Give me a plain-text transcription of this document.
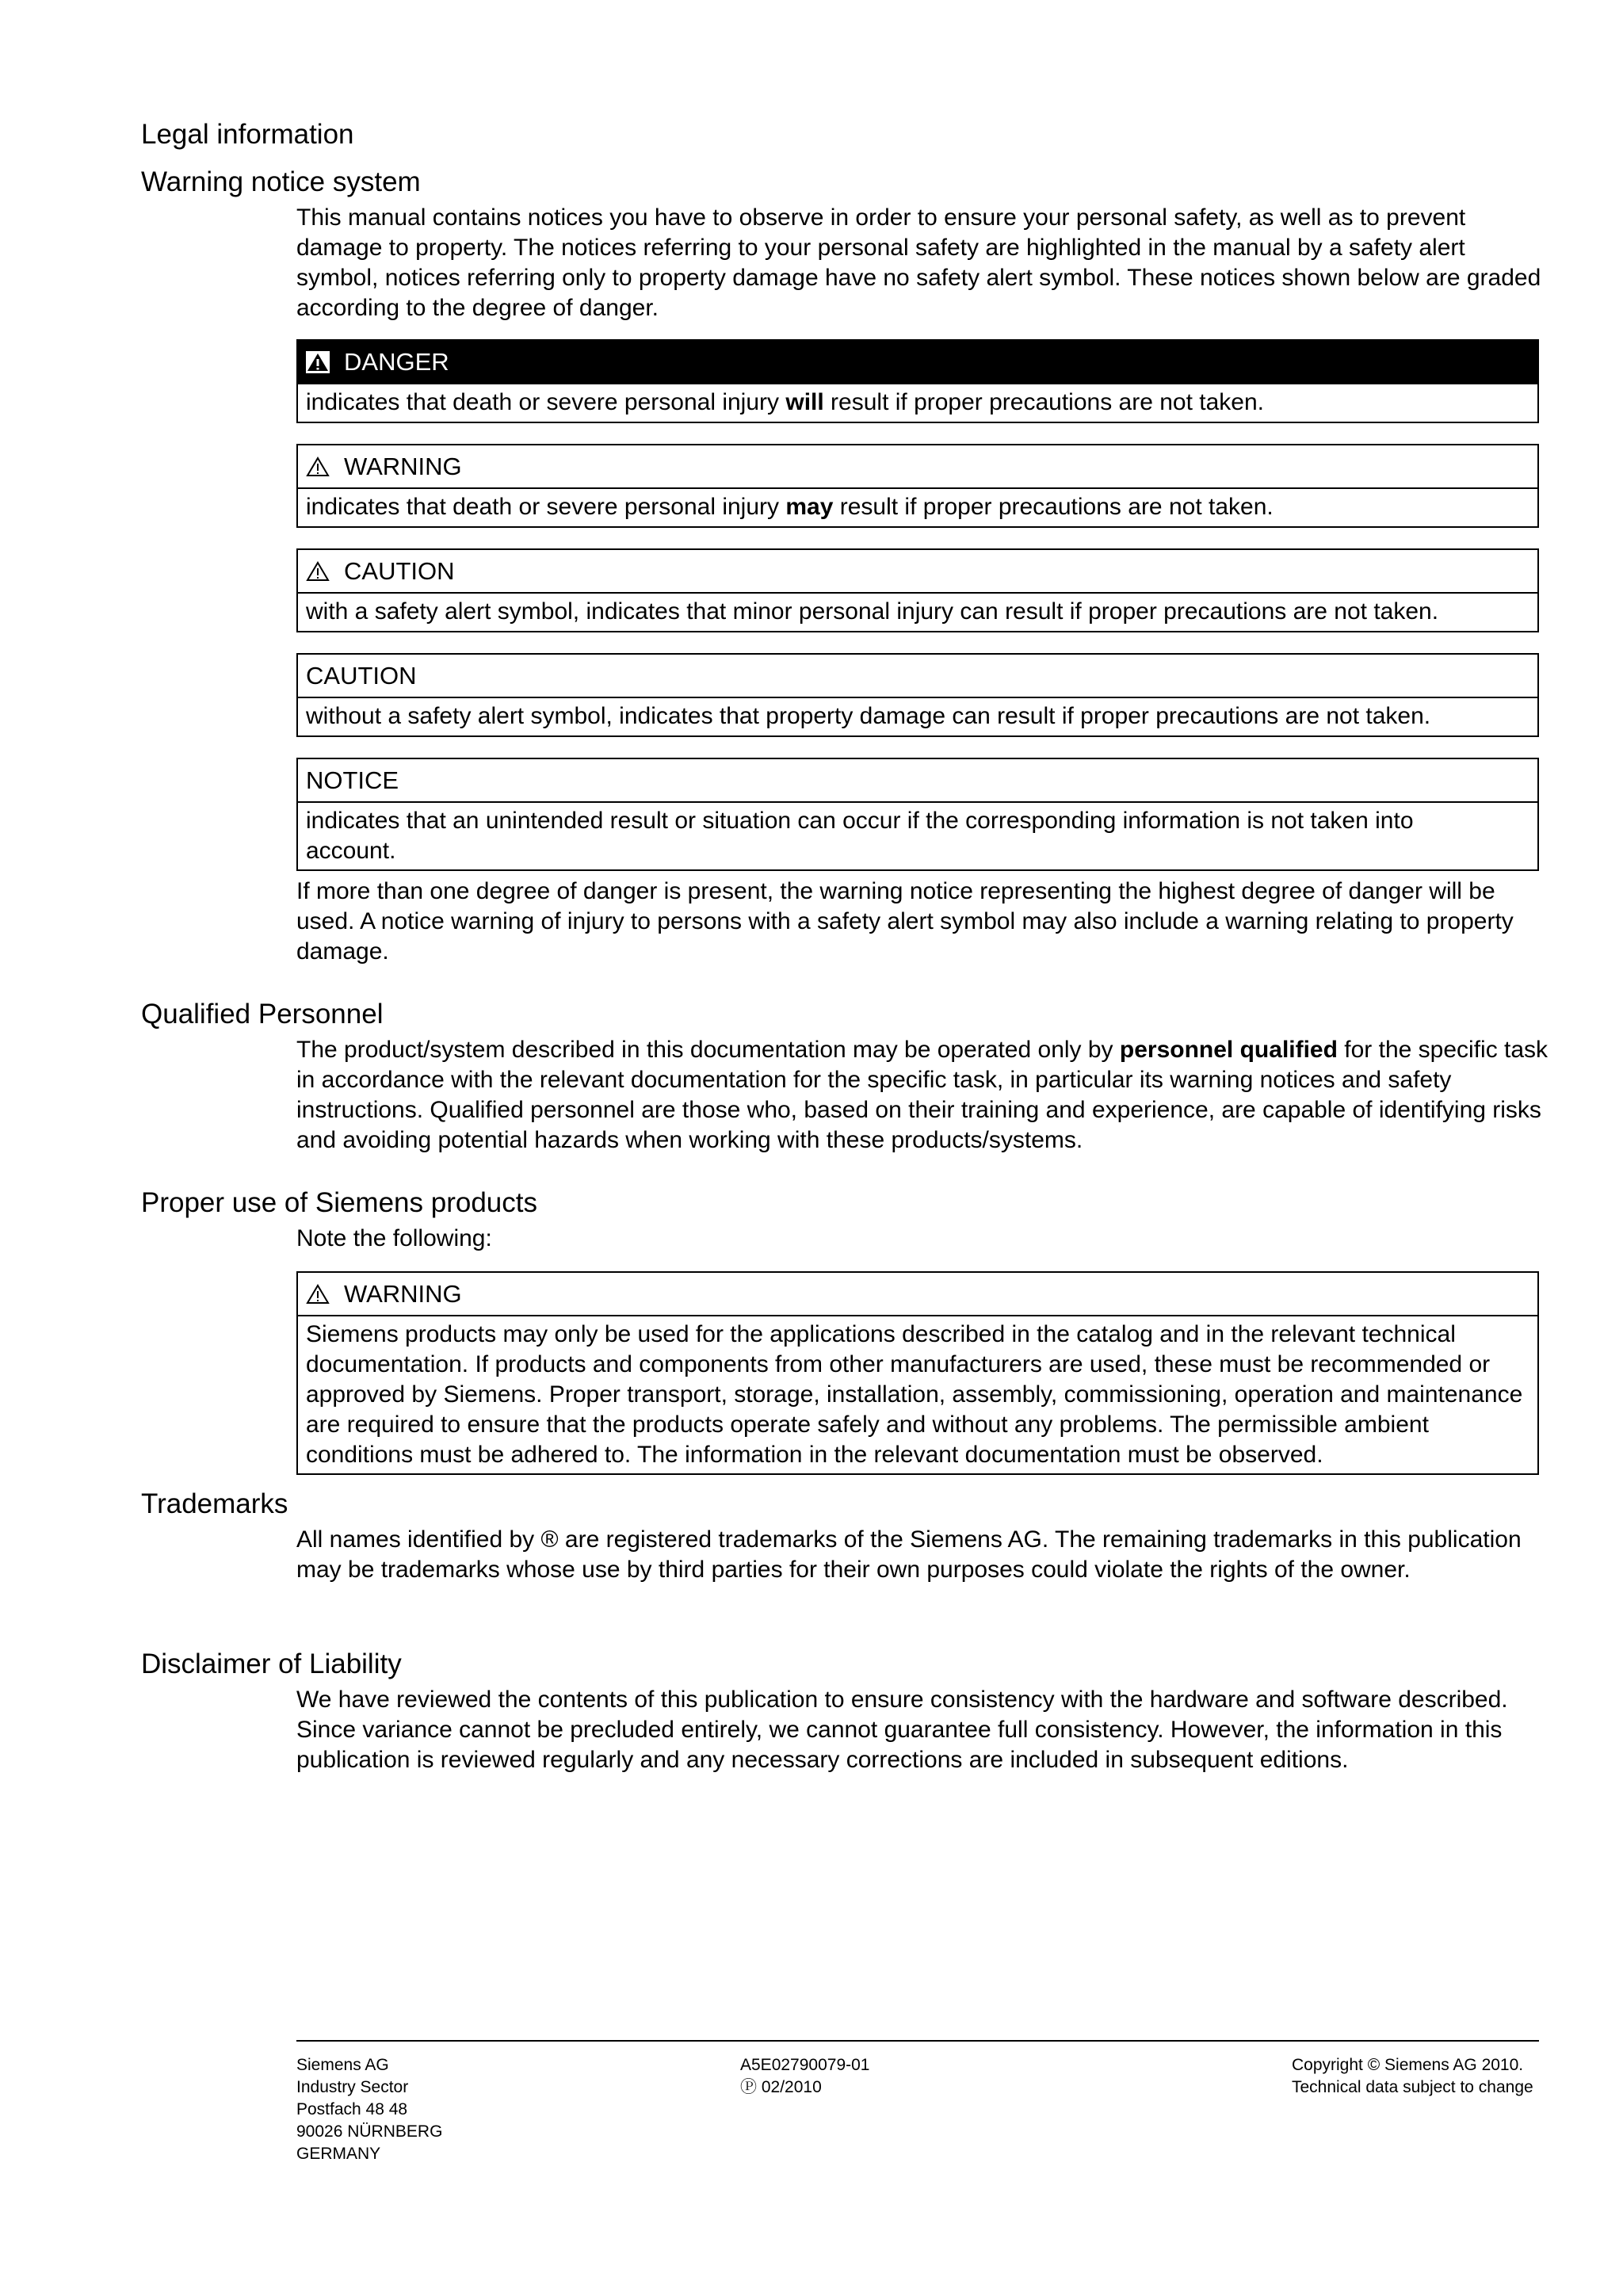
Legal information
Warning notice system

This manual contains notices you have to observe in order to ensure your personal safety, as well as to prevent damage to property. The notices referring to your personal safety are highlighted in the manual by a safety alert symbol, notices referring only to property damage have no safety alert symbol. These notices shown below are graded according to the degree of danger.

DANGER
indicates that death or severe personal injury will result if proper precautions are not taken.
WARNING
indicates that death or severe personal injury may result if proper precautions are not taken.
CAUTION
with a safety alert symbol, indicates that minor personal injury can result if proper precautions are not taken.
CAUTION
without a safety alert symbol, indicates that property damage can result if proper precautions are not taken.
NOTICE
indicates that an unintended result or situation can occur if the corresponding information is not taken into account.

If more than one degree of danger is present, the warning notice representing the highest degree of danger will be used. A notice warning of injury to persons with a safety alert symbol may also include a warning relating to property damage.

Qualified Personnel

The product/system described in this documentation may be operated only by personnel qualified for the specific task in accordance with the relevant documentation for the specific task, in particular its warning notices and safety instructions. Qualified personnel are those who, based on their training and experience, are capable of identifying risks and avoiding potential hazards when working with these products/systems.

Proper use of Siemens products

Note the following:

WARNING
Siemens products may only be used for the applications described in the catalog and in the relevant technical documentation. If products and components from other manufacturers are used, these must be recommended or approved by Siemens. Proper transport, storage, installation, assembly, commissioning, operation and maintenance are required to ensure that the products operate safely and without any problems. The permissible ambient conditions must be adhered to. The information in the relevant documentation must be observed.
Trademarks

All names identified by ® are registered trademarks of the Siemens AG. The remaining trademarks in this publication may be trademarks whose use by third parties for their own purposes could violate the rights of the owner.

Disclaimer of Liability

We have reviewed the contents of this publication to ensure consistency with the hardware and software described. Since variance cannot be precluded entirely, we cannot guarantee full consistency. However, the information in this publication is reviewed regularly and any necessary corrections are included in subsequent editions.

Siemens AG
Industry Sector
Postfach 48 48
90026 NÜRNBERG
GERMANY
A5E02790079-01
Ⓟ 02/2010
Copyright © Siemens AG 2010.
Technical data subject to change
